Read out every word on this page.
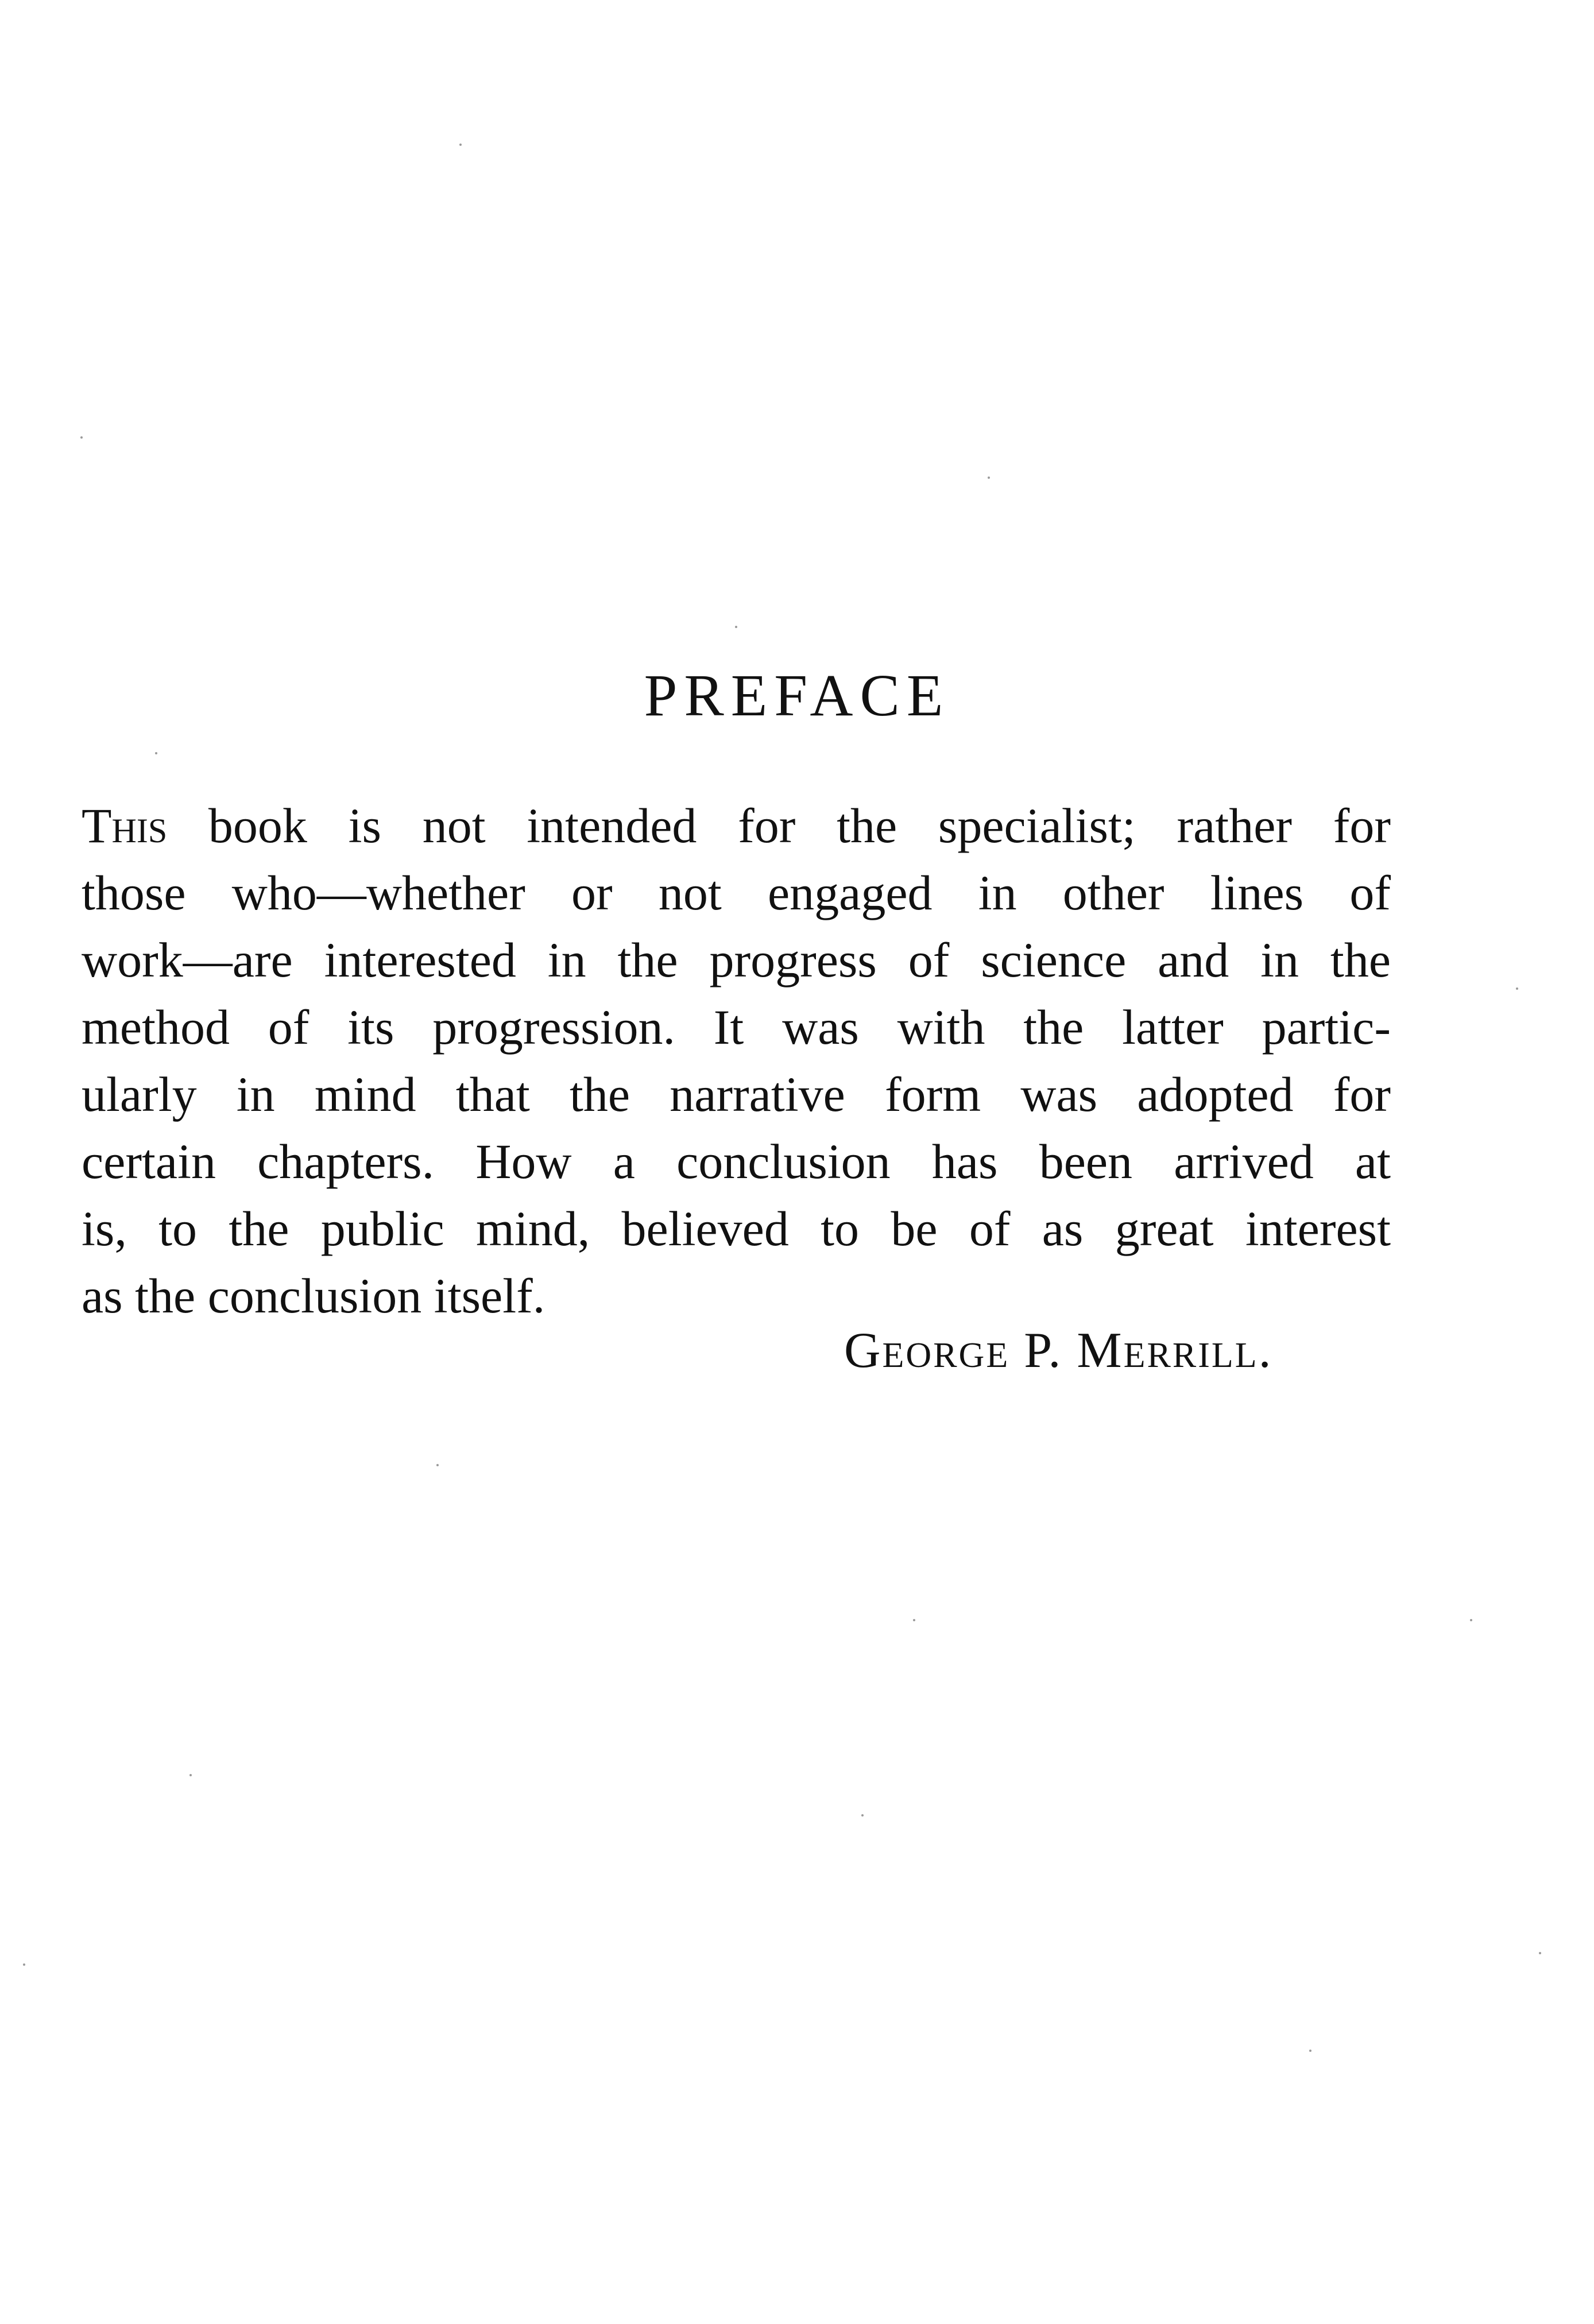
PREFACE
This book is not intended for the specialist; rather for
those who—whether or not engaged in other lines of
work—are interested in the progress of science and in the
method of its progression. It was with the latter partic-
ularly in mind that the narrative form was adopted for
certain chapters. How a conclusion has been arrived at
is, to the public mind, believed to be of as great interest
as the conclusion itself.
George P. Merrill.
